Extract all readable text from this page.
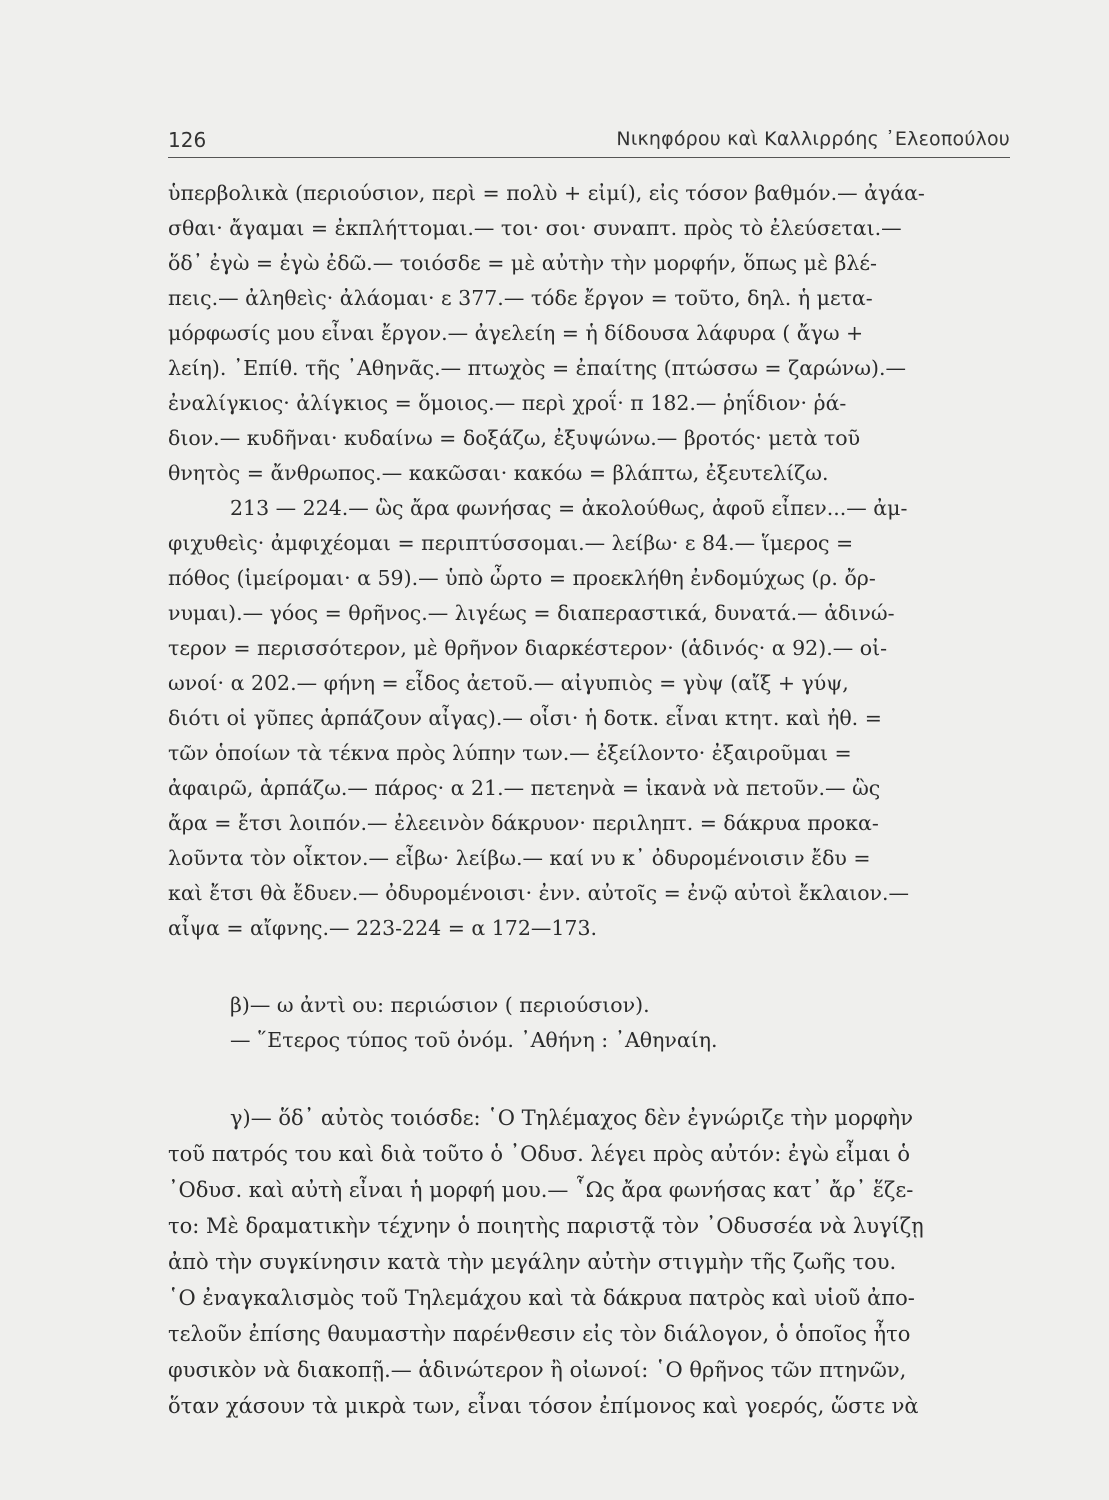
126	Νικηφόρου καὶ Καλλιρρόης ᾿Ελεοπούλου
ὑπερβολικὰ (περιούσιον, περὶ = πολὺ + εἰμί), εἰς τόσον βαθμόν.— ἀγάα-
σθαι· ἄγαμαι = ἐκπλήττομαι.— τοι· σοι· συναπτ. πρὸς τὸ ἐλεύσεται.—
ὅδ᾿ ἐγὼ = ἐγὼ ἐδῶ.— τοιόσδε = μὲ αὐτὴν τὴν μορφήν, ὅπως μὲ βλέ-
πεις.— ἀληθεὶς· ἀλάομαι· ε 377.— τόδε ἔργον = τοῦτο, δηλ. ἡ μετα-
μόρφωσίς μου εἶναι ἔργον.— ἀγελείη = ἡ δίδουσα λάφυρα ( ἄγω +
λείη). ᾿Επίθ. τῆς ᾿Αθηνᾶς.— πτωχὸς = ἐπαίτης (πτώσσω = ζαρώνω).—
ἐναλίγκιος· ἀλίγκιος = ὅμοιος.— περὶ χροΐ· π 182.— ῥηΐδιον· ῥά-
διον.— κυδῆναι· κυδαίνω = δοξάζω, ἐξυψώνω.— βροτός· μετὰ τοῦ
θνητὸς = ἄνθρωπος.— κακῶσαι· κακόω = βλάπτω, ἐξευτελίζω.
213 — 224.— ὣς ἄρα φωνήσας = ἀκολούθως, ἀφοῦ εἶπεν...— ἀμ-
φιχυθεὶς· ἀμφιχέομαι = περιπτύσσομαι.— λείβω· ε 84.— ἵμερος =
πόθος (ἱμείρομαι· α 59).— ὑπὸ ὦρτο = προεκλήθη ἐνδομύχως (ρ. ὄρ-
νυμαι).— γόος = θρῆνος.— λιγέως = διαπεραστικά, δυνατά.— ἁδινώ-
τερον = περισσότερον, μὲ θρῆνον διαρκέστερον· (ἁδινός· α 92).— οἰ-
ωνοί· α 202.— φήνη = εἶδος ἀετοῦ.— αἰγυπιὸς = γὺψ (αἴξ + γύψ,
διότι οἱ γῦπες ἁρπάζουν αἶγας).— οἷσι· ἡ δοτκ. εἶναι κτητ. καὶ ἠθ. =
τῶν ὁποίων τὰ τέκνα πρὸς λύπην των.— ἐξείλοντο· ἐξαιροῦμαι =
ἀφαιρῶ, ἁρπάζω.— πάρος· α 21.— πετεηνὰ = ἱκανὰ νὰ πετοῦν.— ὣς
ἄρα = ἔτσι λοιπόν.— ἐλεεινὸν δάκρυον· περιληπτ. = δάκρυα προκα-
λοῦντα τὸν οἶκτον.— εἶβω· λείβω.— καί νυ κ᾿ ὀδυρομένοισιν ἔδυ =
καὶ ἔτσι θὰ ἔδυεν.— ὀδυρομένοισι· ἐνν. αὐτοῖς = ἐνῷ αὐτοὶ ἔκλαιον.—
αἶψα = αἴφνης.— 223-224 = α 172—173.
β)— ω ἀντὶ ου: περιώσιον ( περιούσιον).
— ῞Ετερος τύπος τοῦ ὀνόμ. ᾿Αθήνη : ᾿Αθηναίη.
γ)— ὅδ᾿ αὐτὸς τοιόσδε: ῾Ο Τηλέμαχος δὲν ἐγνώριζε τὴν μορφὴν
τοῦ πατρός του καὶ διὰ τοῦτο ὁ ᾿Οδυσ. λέγει πρὸς αὐτόν: ἐγὼ εἶμαι ὁ
᾿Οδυσ. καὶ αὐτὴ εἶναι ἡ μορφή μου.— ῟Ως ἄρα φωνήσας κατ᾿ ἄρ᾿ ἕζε-
το: Μὲ δραματικὴν τέχνην ὁ ποιητὴς παριστᾷ τὸν ᾿Οδυσσέα νὰ λυγίζῃ
ἀπὸ τὴν συγκίνησιν κατὰ τὴν μεγάλην αὐτὴν στιγμὴν τῆς ζωῆς του.
῾Ο ἐναγκαλισμὸς τοῦ Τηλεμάχου καὶ τὰ δάκρυα πατρὸς καὶ υἱοῦ ἀπο-
τελοῦν ἐπίσης θαυμαστὴν παρένθεσιν εἰς τὸν διάλογον, ὁ ὁποῖος ἦτο
φυσικὸν νὰ διακοπῇ.— ἁδινώτερον ἢ οἰωνοί: ῾Ο θρῆνος τῶν πτηνῶν,
ὅταν χάσουν τὰ μικρὰ των, εἶναι τόσον ἐπίμονος καὶ γοερός, ὥστε νὰ
